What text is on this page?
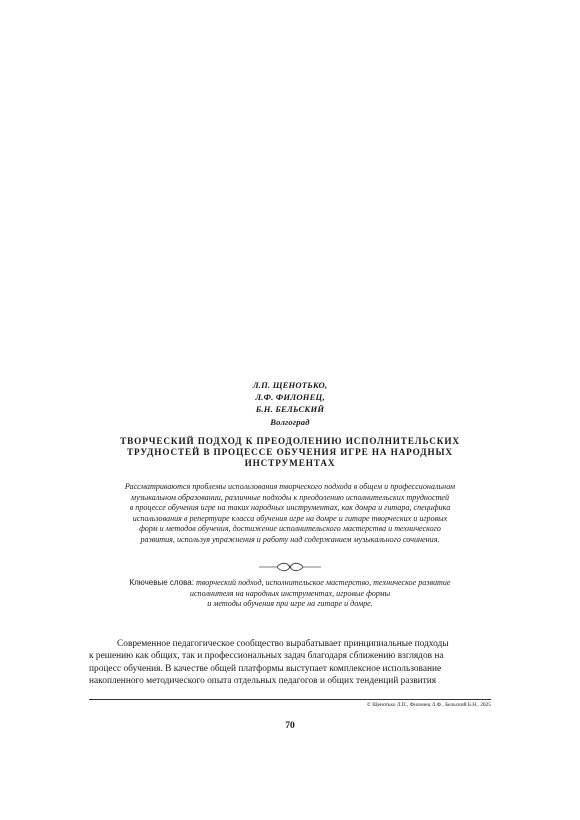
Л.П. ЩЕНОТЬКО,
Л.Ф. ФИЛОНЕЦ,
Б.Н. БЕЛЬСКИЙ
Волгоград
ТВОРЧЕСКИЙ ПОДХОД К ПРЕОДОЛЕНИЮ ИСПОЛНИТЕЛЬСКИХ
ТРУДНОСТЕЙ В ПРОЦЕССЕ ОБУЧЕНИЯ ИГРЕ НА НАРОДНЫХ
ИНСТРУМЕНТАХ
Рассматриваются проблемы использования творческого подхода в общем и профессиональном
музыкальном образовании, различные подходы к преодолению исполнительских трудностей
в процессе обучения игре на таких народных инструментах, как домра и гитара, специфика
использования в репертуаре класса обучения игре на домре и гитаре творческих и игровых
форм и методов обучения, достижение исполнительского мастерства и технического
развития, используя упражнения и работу над содержанием музыкального сочинения.
Ключевые слова: творческий подход, исполнительское мастерство, техническое развитие
исполнителя на народных инструментах, игровые формы
и методы обучения при игре на гитаре и домре.
Современное педагогическое сообщество вырабатывает принципиальные подходы
к решению как общих, так и профессиональных задач благодаря сближению взглядов на
процесс обучения. В качестве общей платформы выступает комплексное использование
накопленного методического опыта отдельных педагогов и общих тенденций развития
© Щенотько Л.П., Филонец Л.Ф., Бельский Б.Н., 2025
70
